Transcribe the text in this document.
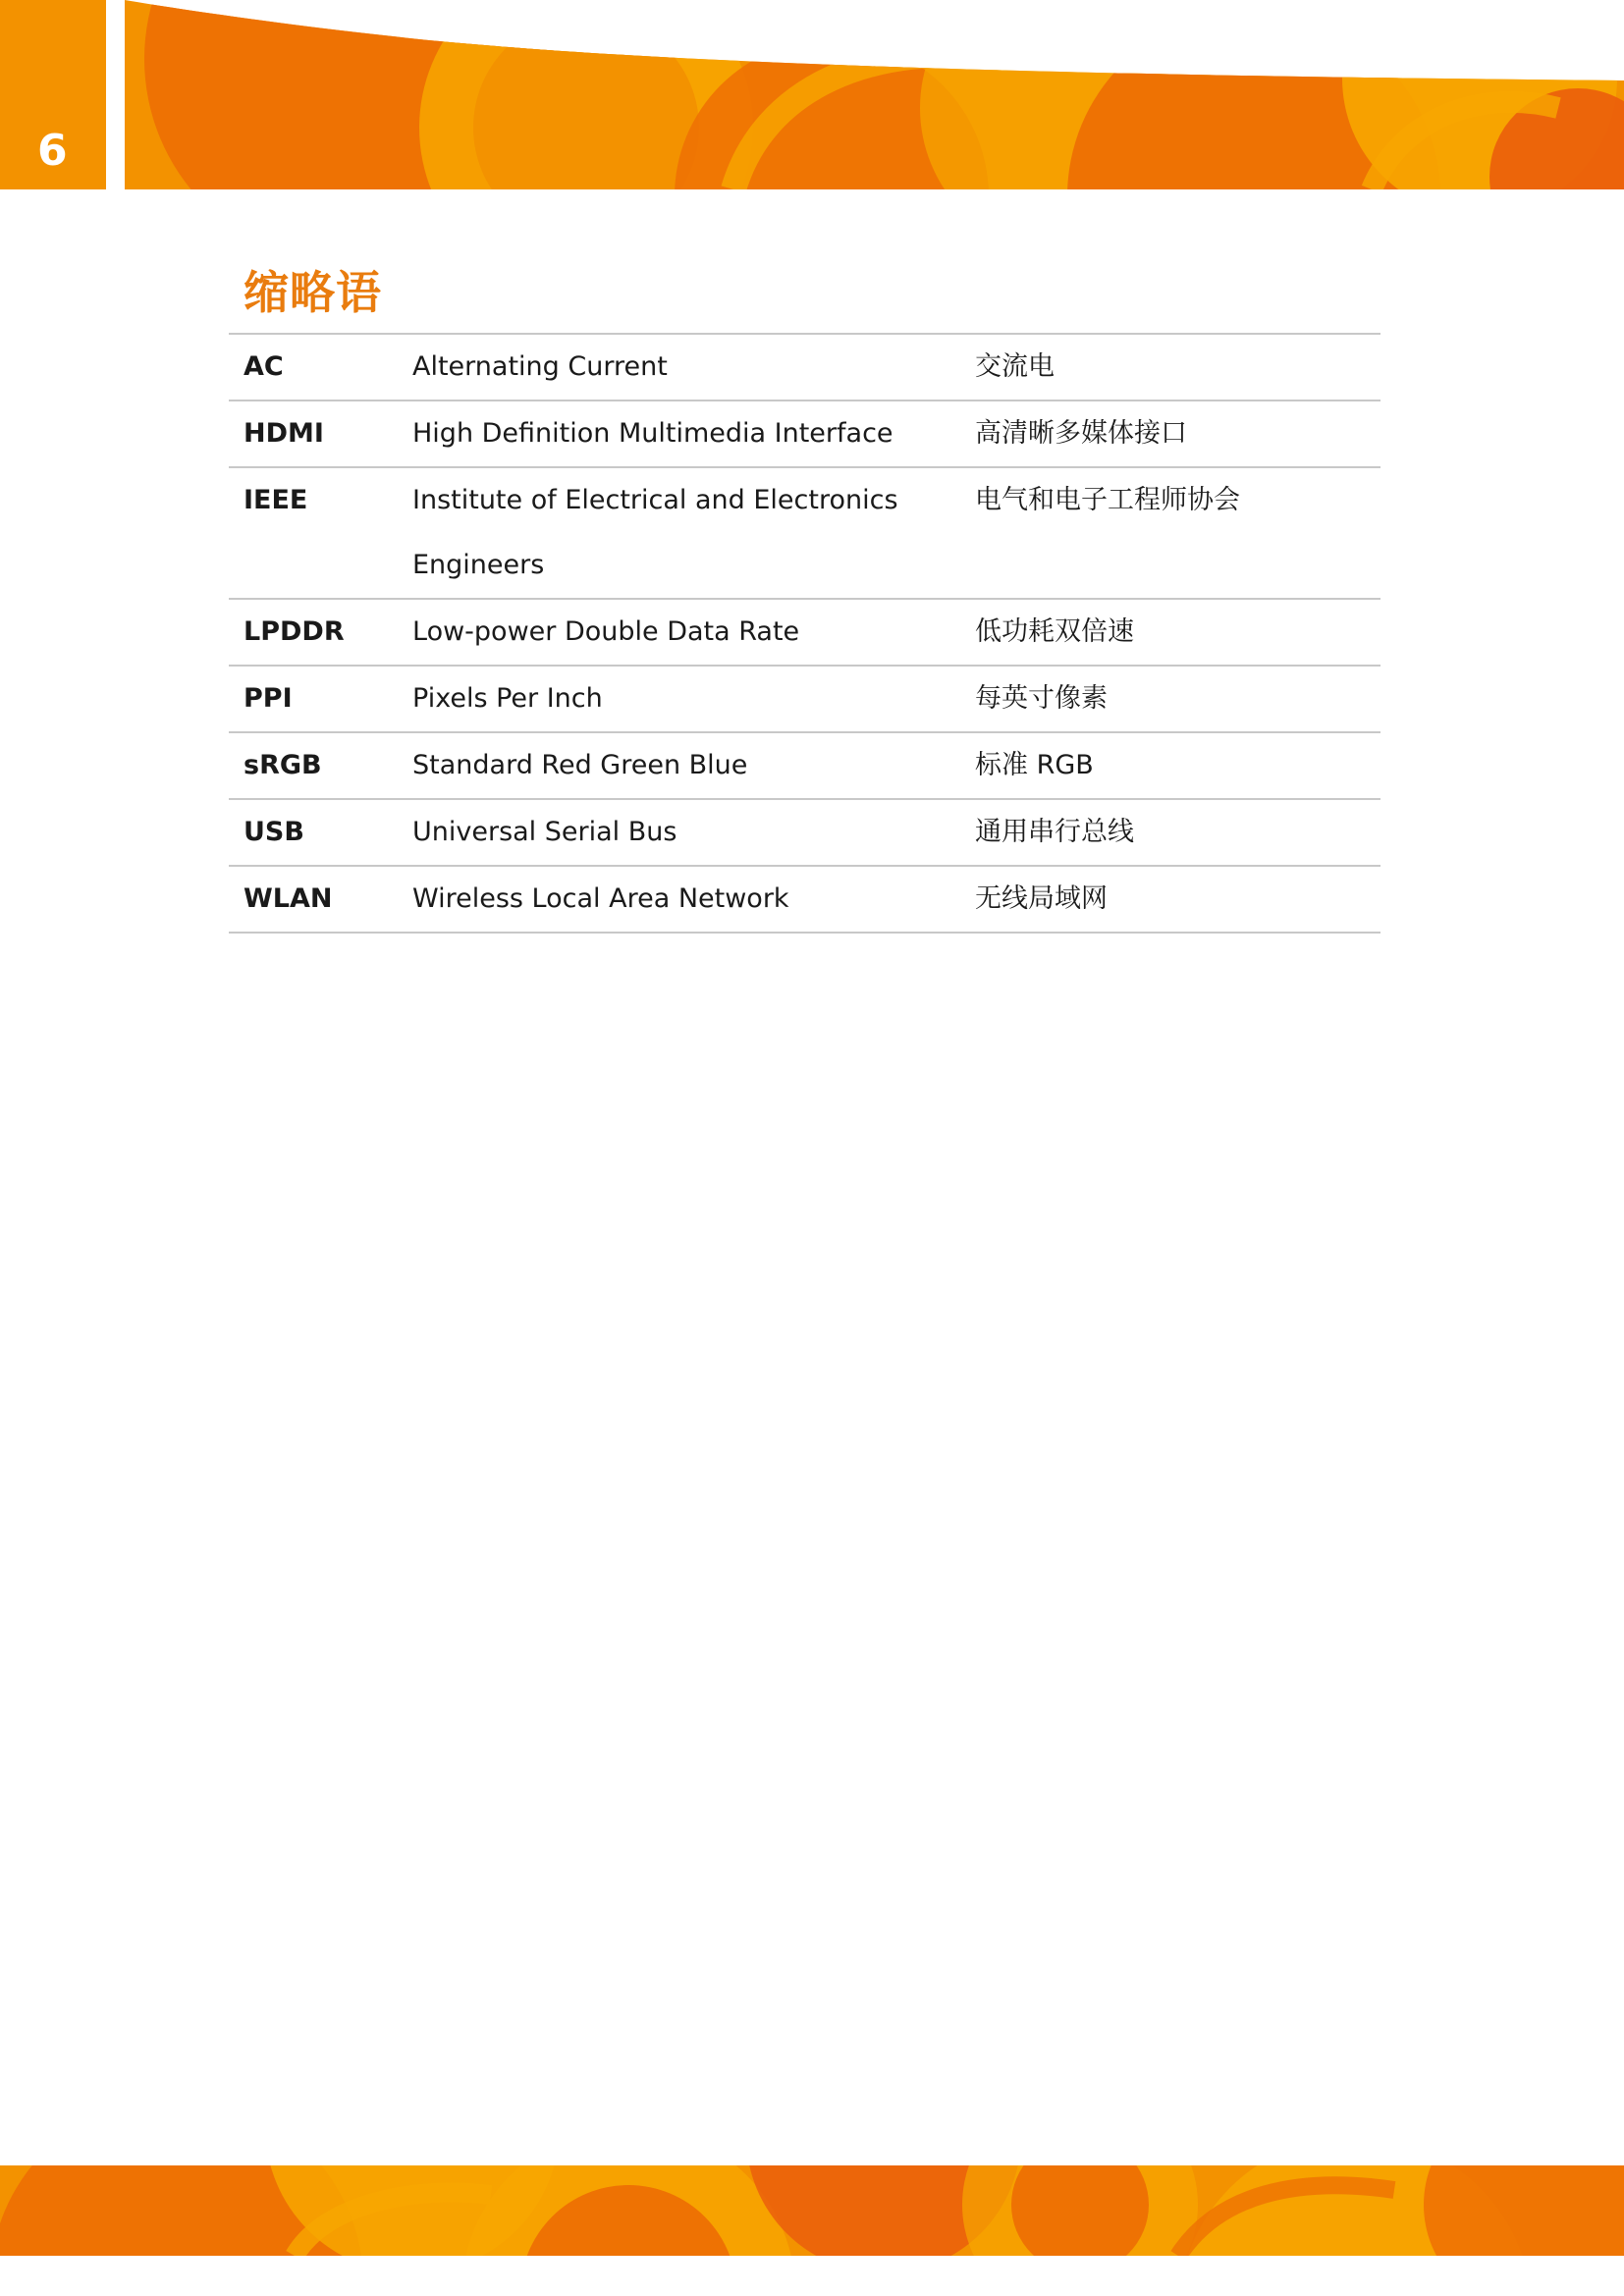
6
缩略语
AC	Alternating Current	交流电
HDMI	High Definition Multimedia Interface	高清晰多媒体接口
IEEE	Institute of Electrical and Electronics Engineers	电气和电子工程师协会
LPDDR	Low-power Double Data Rate	低功耗双倍速
PPI	Pixels Per Inch	每英寸像素
sRGB	Standard Red Green Blue	标准 RGB
USB	Universal Serial Bus	通用串行总线
WLAN	Wireless Local Area Network	无线局域网
